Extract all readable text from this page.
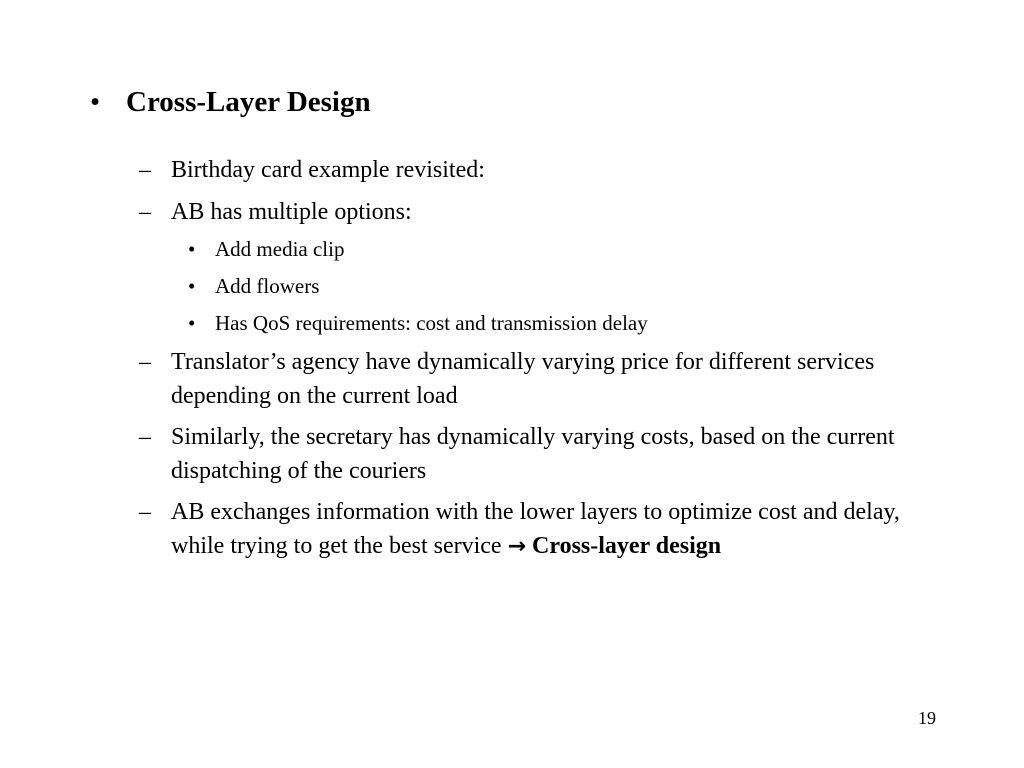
• Cross-Layer Design
– Birthday card example revisited:
– AB has multiple options:
• Add media clip
• Add flowers
• Has QoS requirements: cost and transmission delay
– Translator’s agency have dynamically varying price for different services depending on the current load
– Similarly, the secretary has dynamically varying costs, based on the current dispatching of the couriers
– AB exchanges information with the lower layers to optimize cost and delay, while trying to get the best service → Cross-layer design
19
